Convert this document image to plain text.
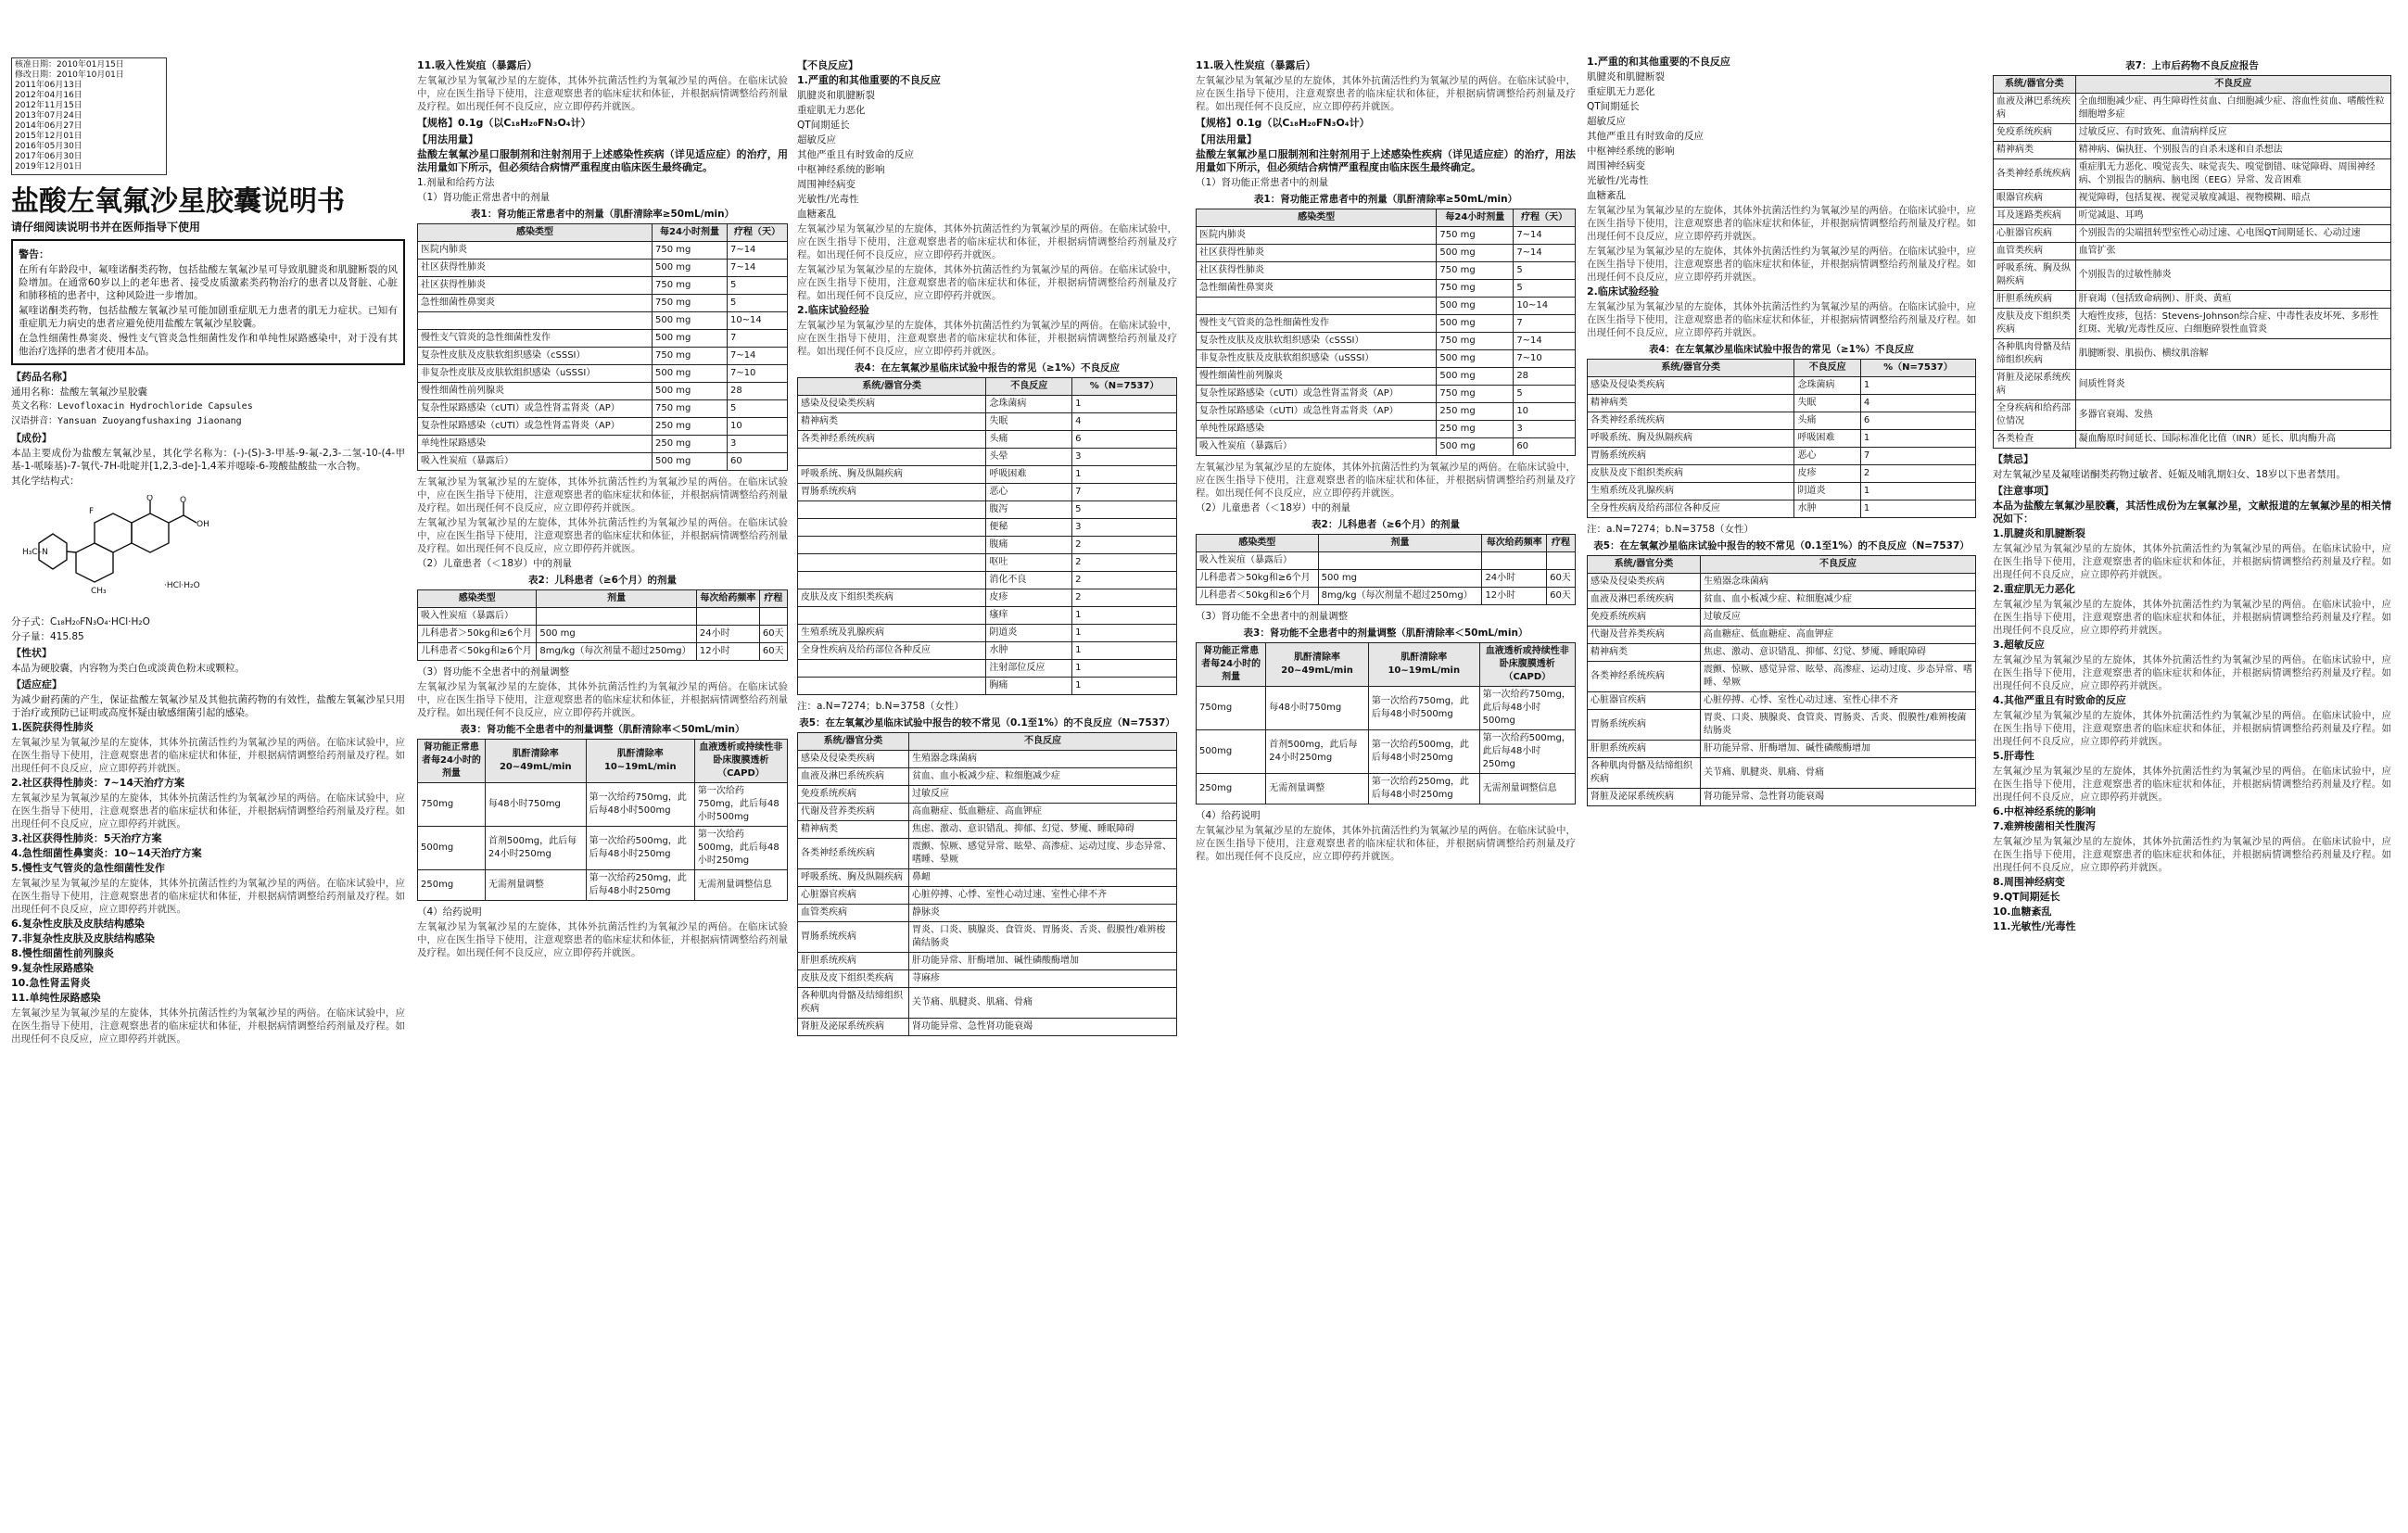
核准日期：2010年01月15日
修改日期：2010年10月01日
2011年06月13日
2012年04月16日
2012年11月15日
2013年07月24日
2014年06月27日
2015年12月01日
2016年05月30日
2017年06月30日
2019年12月01日
盐酸左氧氟沙星胶囊说明书
请仔细阅读说明书并在医师指导下使用
警告：

在所有年龄段中，氟喹诺酮类药物，包括盐酸左氧氟沙星可导致肌腱炎和肌腱断裂的风险增加。在通常60岁以上的老年患者、接受皮质激素类药物治疗的患者以及肾脏、心脏和肺移植的患者中，这种风险进一步增加。

氟喹诺酮类药物，包括盐酸左氧氟沙星可能加剧重症肌无力患者的肌无力症状。已知有重症肌无力病史的患者应避免使用盐酸左氧氟沙星胶囊。

在急性细菌性鼻窦炎、慢性支气管炎急性细菌性发作和单纯性尿路感染中，对于没有其他治疗选择的患者才使用本品。

【药品名称】

通用名称：盐酸左氧氟沙星胶囊

英文名称：Levofloxacin Hydrochloride Capsules

汉语拼音：Yansuan Zuoyangfushaxing Jiaonang

【成份】

本品主要成份为盐酸左氧氟沙星，其化学名称为：(-)-(S)-3-甲基-9-氟-2,3-二氢-10-(4-甲基-1-哌嗪基)-7-氧代-7H-吡啶并[1,2,3-de]-1,4苯并噁嗪-6-羧酸盐酸盐一水合物。

其化学结构式：

F
O
OH
O
H₃C–N
CH₃
·HCl·H₂O

分子式：C₁₈H₂₀FN₃O₄·HCl·H₂O

分子量：415.85

【性状】

本品为硬胶囊，内容物为类白色或淡黄色粉末或颗粒。

【适应症】

为减少耐药菌的产生，保证盐酸左氧氟沙星及其他抗菌药物的有效性，盐酸左氧氟沙星只用于治疗或预防已证明或高度怀疑由敏感细菌引起的感染。

1.医院获得性肺炎

左氧氟沙星为氧氟沙星的左旋体，其体外抗菌活性约为氧氟沙星的两倍。在临床试验中，应在医生指导下使用，注意观察患者的临床症状和体征，并根据病情调整给药剂量及疗程。如出现任何不良反应，应立即停药并就医。

2.社区获得性肺炎：7~14天治疗方案

左氧氟沙星为氧氟沙星的左旋体，其体外抗菌活性约为氧氟沙星的两倍。在临床试验中，应在医生指导下使用，注意观察患者的临床症状和体征，并根据病情调整给药剂量及疗程。如出现任何不良反应，应立即停药并就医。

3.社区获得性肺炎：5天治疗方案

4.急性细菌性鼻窦炎：10~14天治疗方案

5.慢性支气管炎的急性细菌性发作

左氧氟沙星为氧氟沙星的左旋体，其体外抗菌活性约为氧氟沙星的两倍。在临床试验中，应在医生指导下使用，注意观察患者的临床症状和体征，并根据病情调整给药剂量及疗程。如出现任何不良反应，应立即停药并就医。

6.复杂性皮肤及皮肤结构感染

7.非复杂性皮肤及皮肤结构感染

8.慢性细菌性前列腺炎

9.复杂性尿路感染

10.急性肾盂肾炎

11.单纯性尿路感染

左氧氟沙星为氧氟沙星的左旋体，其体外抗菌活性约为氧氟沙星的两倍。在临床试验中，应在医生指导下使用，注意观察患者的临床症状和体征，并根据病情调整给药剂量及疗程。如出现任何不良反应，应立即停药并就医。

11.吸入性炭疽（暴露后）

左氧氟沙星为氧氟沙星的左旋体，其体外抗菌活性约为氧氟沙星的两倍。在临床试验中，应在医生指导下使用，注意观察患者的临床症状和体征，并根据病情调整给药剂量及疗程。如出现任何不良反应，应立即停药并就医。

【规格】0.1g（以C₁₈H₂₀FN₃O₄计）
【用法用量】

盐酸左氧氟沙星口服制剂和注射剂用于上述感染性疾病（详见适应症）的治疗，用法用量如下所示，但必须结合病情严重程度由临床医生最终确定。

1.剂量和给药方法

（1）肾功能正常患者中的剂量

表1：肾功能正常患者中的剂量（肌酐清除率≥50mL/min）
感染类型	每24小时剂量	疗程（天）
医院内肺炎	750 mg	7~14
社区获得性肺炎	500 mg	7~14
社区获得性肺炎	750 mg	5
急性细菌性鼻窦炎	750 mg	5
	500 mg	10~14
慢性支气管炎的急性细菌性发作	500 mg	7
复杂性皮肤及皮肤软组织感染（cSSSI）	750 mg	7~14
非复杂性皮肤及皮肤软组织感染（uSSSI）	500 mg	7~10
慢性细菌性前列腺炎	500 mg	28
复杂性尿路感染（cUTI）或急性肾盂肾炎（AP）	750 mg	5
复杂性尿路感染（cUTI）或急性肾盂肾炎（AP）	250 mg	10
单纯性尿路感染	250 mg	3
吸入性炭疽（暴露后）	500 mg	60

左氧氟沙星为氧氟沙星的左旋体，其体外抗菌活性约为氧氟沙星的两倍。在临床试验中，应在医生指导下使用，注意观察患者的临床症状和体征，并根据病情调整给药剂量及疗程。如出现任何不良反应，应立即停药并就医。

左氧氟沙星为氧氟沙星的左旋体，其体外抗菌活性约为氧氟沙星的两倍。在临床试验中，应在医生指导下使用，注意观察患者的临床症状和体征，并根据病情调整给药剂量及疗程。如出现任何不良反应，应立即停药并就医。

（2）儿童患者（＜18岁）中的剂量

表2：儿科患者（≥6个月）的剂量
感染类型	剂量	每次给药频率	疗程
吸入性炭疽（暴露后）			
儿科患者＞50kg和≥6个月	500 mg	24小时	60天
儿科患者＜50kg和≥6个月	8mg/kg（每次剂量不超过250mg）	12小时	60天

（3）肾功能不全患者中的剂量调整

左氧氟沙星为氧氟沙星的左旋体，其体外抗菌活性约为氧氟沙星的两倍。在临床试验中，应在医生指导下使用，注意观察患者的临床症状和体征，并根据病情调整给药剂量及疗程。如出现任何不良反应，应立即停药并就医。

表3：肾功能不全患者中的剂量调整（肌酐清除率＜50mL/min）
肾功能正常患者每24小时的剂量	肌酐清除率 20~49mL/min	肌酐清除率 10~19mL/min	血液透析或持续性非卧床腹膜透析（CAPD）
750mg	每48小时750mg	第一次给药750mg，此后每48小时500mg	第一次给药750mg，此后每48小时500mg
500mg	首剂500mg，此后每24小时250mg	第一次给药500mg，此后每48小时250mg	第一次给药500mg，此后每48小时250mg
250mg	无需剂量调整	第一次给药250mg，此后每48小时250mg	无需剂量调整信息

（4）给药说明

左氧氟沙星为氧氟沙星的左旋体，其体外抗菌活性约为氧氟沙星的两倍。在临床试验中，应在医生指导下使用，注意观察患者的临床症状和体征，并根据病情调整给药剂量及疗程。如出现任何不良反应，应立即停药并就医。

【不良反应】

1.严重的和其他重要的不良反应

肌腱炎和肌腱断裂

重症肌无力恶化

QT间期延长

超敏反应

其他严重且有时致命的反应

中枢神经系统的影响

周围神经病变

光敏性/光毒性

血糖紊乱

左氧氟沙星为氧氟沙星的左旋体，其体外抗菌活性约为氧氟沙星的两倍。在临床试验中，应在医生指导下使用，注意观察患者的临床症状和体征，并根据病情调整给药剂量及疗程。如出现任何不良反应，应立即停药并就医。

左氧氟沙星为氧氟沙星的左旋体，其体外抗菌活性约为氧氟沙星的两倍。在临床试验中，应在医生指导下使用，注意观察患者的临床症状和体征，并根据病情调整给药剂量及疗程。如出现任何不良反应，应立即停药并就医。

2.临床试验经验

左氧氟沙星为氧氟沙星的左旋体，其体外抗菌活性约为氧氟沙星的两倍。在临床试验中，应在医生指导下使用，注意观察患者的临床症状和体征，并根据病情调整给药剂量及疗程。如出现任何不良反应，应立即停药并就医。

表4：在左氧氟沙星临床试验中报告的常见（≥1%）不良反应
系统/器官分类	不良反应	%（N=7537）
感染及侵染类疾病	念珠菌病	1
精神病类	失眠	4
各类神经系统疾病	头痛	6
	头晕	3
呼吸系统、胸及纵隔疾病	呼吸困难	1
胃肠系统疾病	恶心	7
	腹泻	5
	便秘	3
	腹痛	2
	呕吐	2
	消化不良	2
皮肤及皮下组织类疾病	皮疹	2
	瘙痒	1
生殖系统及乳腺疾病	阴道炎	1
全身性疾病及给药部位各种反应	水肿	1
	注射部位反应	1
	胸痛	1

注：a.N=7274；b.N=3758（女性）

表5：在左氧氟沙星临床试验中报告的较不常见（0.1至1%）的不良反应（N=7537）
系统/器官分类	不良反应
感染及侵染类疾病	生殖器念珠菌病
血液及淋巴系统疾病	贫血、血小板减少症、粒细胞减少症
免疫系统疾病	过敏反应
代谢及营养类疾病	高血糖症、低血糖症、高血钾症
精神病类	焦虑、激动、意识错乱、抑郁、幻觉、梦魇、睡眠障碍
各类神经系统疾病	震颤、惊厥、感觉异常、眩晕、高渗症、运动过度、步态异常、嗜睡、晕厥
呼吸系统、胸及纵隔疾病	鼻衄
心脏器官疾病	心脏停搏、心悸、室性心动过速、室性心律不齐
血管类疾病	静脉炎
胃肠系统疾病	胃炎、口炎、胰腺炎、食管炎、胃肠炎、舌炎、假膜性/难辨梭菌结肠炎
肝胆系统疾病	肝功能异常、肝酶增加、碱性磷酸酶增加
皮肤及皮下组织类疾病	荨麻疹
各种肌肉骨骼及结缔组织疾病	关节痛、肌腱炎、肌痛、骨痛
肾脏及泌尿系统疾病	肾功能异常、急性肾功能衰竭
11.吸入性炭疽（暴露后）

左氧氟沙星为氧氟沙星的左旋体，其体外抗菌活性约为氧氟沙星的两倍。在临床试验中，应在医生指导下使用，注意观察患者的临床症状和体征，并根据病情调整给药剂量及疗程。如出现任何不良反应，应立即停药并就医。

【规格】0.1g（以C₁₈H₂₀FN₃O₄计）
【用法用量】

盐酸左氧氟沙星口服制剂和注射剂用于上述感染性疾病（详见适应症）的治疗，用法用量如下所示，但必须结合病情严重程度由临床医生最终确定。

（1）肾功能正常患者中的剂量

表1：肾功能正常患者中的剂量（肌酐清除率≥50mL/min）
感染类型	每24小时剂量	疗程（天）
医院内肺炎	750 mg	7~14
社区获得性肺炎	500 mg	7~14
社区获得性肺炎	750 mg	5
急性细菌性鼻窦炎	750 mg	5
	500 mg	10~14
慢性支气管炎的急性细菌性发作	500 mg	7
复杂性皮肤及皮肤软组织感染（cSSSI）	750 mg	7~14
非复杂性皮肤及皮肤软组织感染（uSSSI）	500 mg	7~10
慢性细菌性前列腺炎	500 mg	28
复杂性尿路感染（cUTI）或急性肾盂肾炎（AP）	750 mg	5
复杂性尿路感染（cUTI）或急性肾盂肾炎（AP）	250 mg	10
单纯性尿路感染	250 mg	3
吸入性炭疽（暴露后）	500 mg	60

左氧氟沙星为氧氟沙星的左旋体，其体外抗菌活性约为氧氟沙星的两倍。在临床试验中，应在医生指导下使用，注意观察患者的临床症状和体征，并根据病情调整给药剂量及疗程。如出现任何不良反应，应立即停药并就医。

（2）儿童患者（＜18岁）中的剂量

表2：儿科患者（≥6个月）的剂量
感染类型	剂量	每次给药频率	疗程
吸入性炭疽（暴露后）			
儿科患者＞50kg和≥6个月	500 mg	24小时	60天
儿科患者＜50kg和≥6个月	8mg/kg（每次剂量不超过250mg）	12小时	60天

（3）肾功能不全患者中的剂量调整

表3：肾功能不全患者中的剂量调整（肌酐清除率＜50mL/min）
肾功能正常患者每24小时的剂量	肌酐清除率 20~49mL/min	肌酐清除率 10~19mL/min	血液透析或持续性非卧床腹膜透析（CAPD）
750mg	每48小时750mg	第一次给药750mg，此后每48小时500mg	第一次给药750mg，此后每48小时500mg
500mg	首剂500mg，此后每24小时250mg	第一次给药500mg，此后每48小时250mg	第一次给药500mg，此后每48小时250mg
250mg	无需剂量调整	第一次给药250mg，此后每48小时250mg	无需剂量调整信息

（4）给药说明

左氧氟沙星为氧氟沙星的左旋体，其体外抗菌活性约为氧氟沙星的两倍。在临床试验中，应在医生指导下使用，注意观察患者的临床症状和体征，并根据病情调整给药剂量及疗程。如出现任何不良反应，应立即停药并就医。

1.严重的和其他重要的不良反应

肌腱炎和肌腱断裂

重症肌无力恶化

QT间期延长

超敏反应

其他严重且有时致命的反应

中枢神经系统的影响

周围神经病变

光敏性/光毒性

血糖紊乱

左氧氟沙星为氧氟沙星的左旋体，其体外抗菌活性约为氧氟沙星的两倍。在临床试验中，应在医生指导下使用，注意观察患者的临床症状和体征，并根据病情调整给药剂量及疗程。如出现任何不良反应，应立即停药并就医。

左氧氟沙星为氧氟沙星的左旋体，其体外抗菌活性约为氧氟沙星的两倍。在临床试验中，应在医生指导下使用，注意观察患者的临床症状和体征，并根据病情调整给药剂量及疗程。如出现任何不良反应，应立即停药并就医。

2.临床试验经验

左氧氟沙星为氧氟沙星的左旋体，其体外抗菌活性约为氧氟沙星的两倍。在临床试验中，应在医生指导下使用，注意观察患者的临床症状和体征，并根据病情调整给药剂量及疗程。如出现任何不良反应，应立即停药并就医。

表4：在左氧氟沙星临床试验中报告的常见（≥1%）不良反应
系统/器官分类	不良反应	%（N=7537）
感染及侵染类疾病	念珠菌病	1
精神病类	失眠	4
各类神经系统疾病	头痛	6
呼吸系统、胸及纵隔疾病	呼吸困难	1
胃肠系统疾病	恶心	7
皮肤及皮下组织类疾病	皮疹	2
生殖系统及乳腺疾病	阴道炎	1
全身性疾病及给药部位各种反应	水肿	1

注：a.N=7274；b.N=3758（女性）

表5：在左氧氟沙星临床试验中报告的较不常见（0.1至1%）的不良反应（N=7537）
系统/器官分类	不良反应
感染及侵染类疾病	生殖器念珠菌病
血液及淋巴系统疾病	贫血、血小板减少症、粒细胞减少症
免疫系统疾病	过敏反应
代谢及营养类疾病	高血糖症、低血糖症、高血钾症
精神病类	焦虑、激动、意识错乱、抑郁、幻觉、梦魇、睡眠障碍
各类神经系统疾病	震颤、惊厥、感觉异常、眩晕、高渗症、运动过度、步态异常、嗜睡、晕厥
心脏器官疾病	心脏停搏、心悸、室性心动过速、室性心律不齐
胃肠系统疾病	胃炎、口炎、胰腺炎、食管炎、胃肠炎、舌炎、假膜性/难辨梭菌结肠炎
肝胆系统疾病	肝功能异常、肝酶增加、碱性磷酸酶增加
各种肌肉骨骼及结缔组织疾病	关节痛、肌腱炎、肌痛、骨痛
肾脏及泌尿系统疾病	肾功能异常、急性肾功能衰竭
表7：上市后药物不良反应报告
系统/器官分类	不良反应
血液及淋巴系统疾病	全血细胞减少症、再生障碍性贫血、白细胞减少症、溶血性贫血、嗜酸性粒细胞增多症
免疫系统疾病	过敏反应、有时致死、血清病样反应
精神病类	精神病、偏执狂、个别报告的自杀未遂和自杀想法
各类神经系统疾病	重症肌无力恶化、嗅觉丧失、味觉丧失、嗅觉倒错、味觉障碍、周围神经病、个别报告的脑病、脑电图（EEG）异常、发音困难
眼器官疾病	视觉障碍，包括复视、视觉灵敏度减退、视物模糊、暗点
耳及迷路类疾病	听觉减退、耳鸣
心脏器官疾病	个别报告的尖端扭转型室性心动过速、心电图QT间期延长、心动过速
血管类疾病	血管扩张
呼吸系统、胸及纵隔疾病	个别报告的过敏性肺炎
肝胆系统疾病	肝衰竭（包括致命病例）、肝炎、黄疸
皮肤及皮下组织类疾病	大疱性皮疹，包括：Stevens-Johnson综合症、中毒性表皮坏死、多形性红斑、光敏/光毒性反应、白细胞碎裂性血管炎
各种肌肉骨骼及结缔组织疾病	肌腱断裂、肌损伤、横纹肌溶解
肾脏及泌尿系统疾病	间质性肾炎
全身疾病和给药部位情况	多器官衰竭、发热
各类检查	凝血酶原时间延长、国际标准化比值（INR）延长、肌肉酶升高
【禁忌】

对左氧氟沙星及氟喹诺酮类药物过敏者、妊娠及哺乳期妇女、18岁以下患者禁用。

【注意事项】

本品为盐酸左氧氟沙星胶囊，其活性成份为左氧氟沙星，文献报道的左氧氟沙星的相关情况如下：

1.肌腱炎和肌腱断裂

左氧氟沙星为氧氟沙星的左旋体，其体外抗菌活性约为氧氟沙星的两倍。在临床试验中，应在医生指导下使用，注意观察患者的临床症状和体征，并根据病情调整给药剂量及疗程。如出现任何不良反应，应立即停药并就医。

2.重症肌无力恶化

左氧氟沙星为氧氟沙星的左旋体，其体外抗菌活性约为氧氟沙星的两倍。在临床试验中，应在医生指导下使用，注意观察患者的临床症状和体征，并根据病情调整给药剂量及疗程。如出现任何不良反应，应立即停药并就医。

3.超敏反应

左氧氟沙星为氧氟沙星的左旋体，其体外抗菌活性约为氧氟沙星的两倍。在临床试验中，应在医生指导下使用，注意观察患者的临床症状和体征，并根据病情调整给药剂量及疗程。如出现任何不良反应，应立即停药并就医。

4.其他严重且有时致命的反应

左氧氟沙星为氧氟沙星的左旋体，其体外抗菌活性约为氧氟沙星的两倍。在临床试验中，应在医生指导下使用，注意观察患者的临床症状和体征，并根据病情调整给药剂量及疗程。如出现任何不良反应，应立即停药并就医。

5.肝毒性

左氧氟沙星为氧氟沙星的左旋体，其体外抗菌活性约为氧氟沙星的两倍。在临床试验中，应在医生指导下使用，注意观察患者的临床症状和体征，并根据病情调整给药剂量及疗程。如出现任何不良反应，应立即停药并就医。

6.中枢神经系统的影响

7.难辨梭菌相关性腹泻

左氧氟沙星为氧氟沙星的左旋体，其体外抗菌活性约为氧氟沙星的两倍。在临床试验中，应在医生指导下使用，注意观察患者的临床症状和体征，并根据病情调整给药剂量及疗程。如出现任何不良反应，应立即停药并就医。

8.周围神经病变

9.QT间期延长

10.血糖紊乱

11.光敏性/光毒性
